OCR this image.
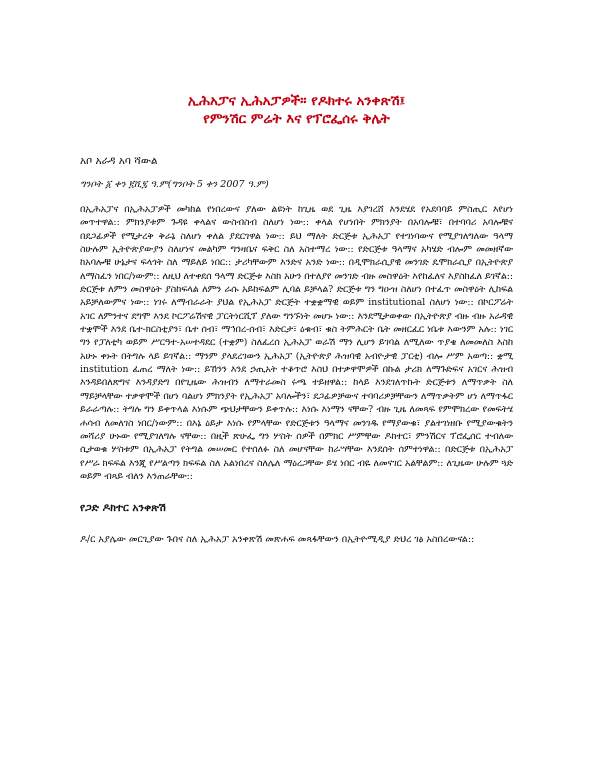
ኢሕአፓና ኢሕአፓዎች። የዶክተሩ አንቀጽሽ፤
የምንሽር ምሬት እና የፕሮፌሰሩ ቅሌት
አቦ አራዳ አባ ሻውል
ግንቦት ፩ ቀን ፪ሺ፯ ዓ.ም(ግንቦት 5 ቀን 2007 ዓ.ም)
በኢሕአፓና በኢሕአፓዎች መካከል የነበረውና ያለው ልዩነት ከጊዜ ወደ ጊዜ እያገረሸ እንደሄደ የአደባባይ ምስጢር እየሆነ መጥተዋል:: ምክንያቱም ጉዳዩ ቀላልና ውስብስብ ስለሆነ ነው:: ቀላል የሆነበት ምክንያት በአባሎቹ፣ በተባባሪ አባሎቹና በደጋፊዎች የሚታረቅ ቅራኔ ስለሆነ ቀለል ያደርገዋል ነው:: ይህ ማለት ድርጅቱ ኢሕአፓ የተገነባውና የሚያገለግለው ዓላማ ስሁሉም ኢትዮጵያውያን ስለሆነና መልካም ግንዛቤና ፍቅር ስለ አስተማረ ነው:: የድርጅቱ ዓላማና አካሄድ ብሎም መመዘኛው ከአባሎቹ ሁኔታና ፍላጎት ስለ ማይለይ ነበር:: ታሪካቸውም እንድና አንድ ነው:: በዲሞክራሲያዊ መንገድ ዴሞክራሲያ በኢትዮጵያ ለማስፈን ነበር/ነውም:: ለዚህ ለተቀደሰ ዓላማ ድርጅቱ እስክ አሁን በተለያየ መንገድ ብዙ መስዋዕት እየከፈለና እያስከፈለ ይገኛል:: ድርጅቱ ለምን መስዋዕት ያስከፍላል ለምን ራሱ አይከፍልም ሊባል ይቻላል? ድርጅቱ ግን ግዑዝ ስለሆነ በተፈጥ መስዋዕት ሊከፍል አይቻለውምና ነው:: ነገሩ ለማብራራት ያህል የኢሕአፓ ድርጅት ተቋቋማዊ ወይም institutional ስለሆነ ነው:: በኮርፖሬት አገር ለምንተና ደግሞ እንደ ኮርፖሬሽናዊ ፓርትነርሺፕ ያለው ግንኙነት መሆኑ ነው:: እንደሚታወቀው በኢትዮጵያ ብዙ ብዙ አራዳዊ ተቋሞች እንደ ቤተ-ክርስቲያን፣ ቤተ ሰብ፣ ማኅበረ-ሰብ፣ እድርታ፣ ዕቁብ፣ ቁስ ትምሕርት ቤት መዘርፈር ነቤቱ እውንም አሉ:: ነገር ግን የፓለቲካ ወይም ሥርዓተ-አሠተዳደር (ተቋም) ስለፈረሰ ኢሕአፓ ወራሽ ማን ሊሆን ይገባል ለሚለው ጥያቄ ለመመለስ እስከ አሁኑ ቀኑት በትግሉ ላይ ይገኛል:: ማንም ያላደረገውን ኢሕአፓ (ኢትዮጵያ ሕዝባዊ አብዮታዊ ፓርቲ) ብሎ ሥም አወጣ:: ቋሚ institution ፈጠረ ማለት ነው:: ይኸንን እንደ ኃጢአት ተቆጥሮ እስህ በተቃዋሞዎች በኩል ታሪክ ለማጉድፍና አገርና ሕዝብ እንዳይበለጽግና እንዳያድግ በየጊዜው ሕዝብን ለማተራመስ ሩጫ ተይዘዋል:: ከላይ እንደገለጥኩት ድርጅቱን ለማጥቃት ስለ ማይቻላቸው ተቃዋሞች በሆነ ባልሆነ ምክንያት የኢሕአፓ አባሎችን፣ ደጋፊዎቻውና ተባባሪዎቻቸውን ለማጥቃትም ሆነ ለማጥፋር ይራራጣሉ:: ትግሉ ግን ይቀጥላል እነሱም ጭህታቸውን ይቀጥሉ:: እነሱ እነማን ናቸው? ብዙ ጊዜ ለመጻፍ የምሞክረው የመፍትሄ ሐሳብ ለመለገስ ነበር/ነውም:: በእኔ ዕይታ እነሱ የምላቸው የድርጅቱን ዓላማና መንገዱ የማያውቁ፣ ያልተገነዘቡ የሚያውቁትን መሻሪያ ሁኑው የሚያገለግሉ ናቸው:: በዚች ጽሁፌ ግን ሦስት ሰዎች በምክር ሥምቸው ዶክተር፣ ምንሽርና ፕሮፌሰር ተብለው ሲታወቁ ሦስቱም በኢሕአፓ የትግል መሠመር የተሰለፉ ስለ መሆናቸው ከራሣቸው እንደሰት ሰምተነዋል:: በድርጅቱ በኢሕአፓ የሥራ ክፍፍል እንጂ የሥልጣን ክፍፍል ስለ አልነበረና ስለሌለ ማዕረጋቸው ይሄ ነበር ብዬ ለመናገር አልቸልም:: ለጊዜው ሁሉም ጓድ ወይም ብጻይ ብለን እንጠራቸው::
የጋድ ዶክተር አንቀጽሽ
ዶ/ር አያሌው መርጊያው ጉበና ስለ ኢሕአፓ አንቀጽሽ መጽሐፍ መጻፋቸውን በኢትዮሚዲያ ድህረ ገፅ አስበረውናል::
